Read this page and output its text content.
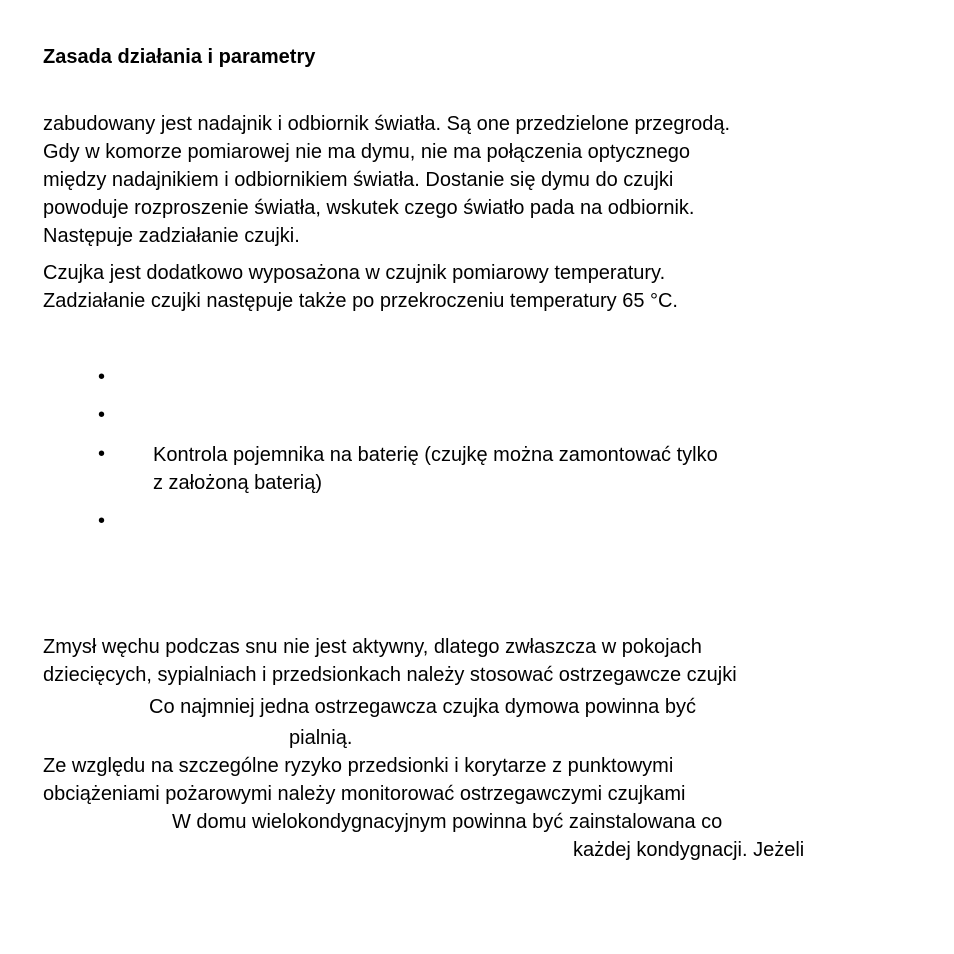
Zasada działania i parametry
zabudowany jest nadajnik i odbiornik światła. Są one przedzielone przegrodą.
Gdy w komorze pomiarowej nie ma dymu, nie ma połączenia optycznego
między nadajnikiem i odbiornikiem światła. Dostanie się dymu do czujki
powoduje rozproszenie światła, wskutek czego światło pada na odbiornik.
Następuje zadziałanie czujki.
Czujka jest dodatkowo wyposażona w czujnik pomiarowy temperatury.
Zadziałanie czujki następuje także po przekroczeniu temperatury 65 °C.
•
•
• Kontrola pojemnika na baterię (czujkę można zamontować tylko
z założoną baterią)
•
Zmysł węchu podczas snu nie jest aktywny, dlatego zwłaszcza w pokojach
dziecięcych, sypialniach i przedsionkach należy stosować ostrzegawcze czujki
Co najmniej jedna ostrzegawcza czujka dymowa powinna być
pialnią.
Ze względu na szczególne ryzyko przedsionki i korytarze z punktowymi
obciążeniami pożarowymi należy monitorować ostrzegawczymi czujkami
W domu wielokondygnacyjnym powinna być zainstalowana co
każdej kondygnacji. Jeżeli
